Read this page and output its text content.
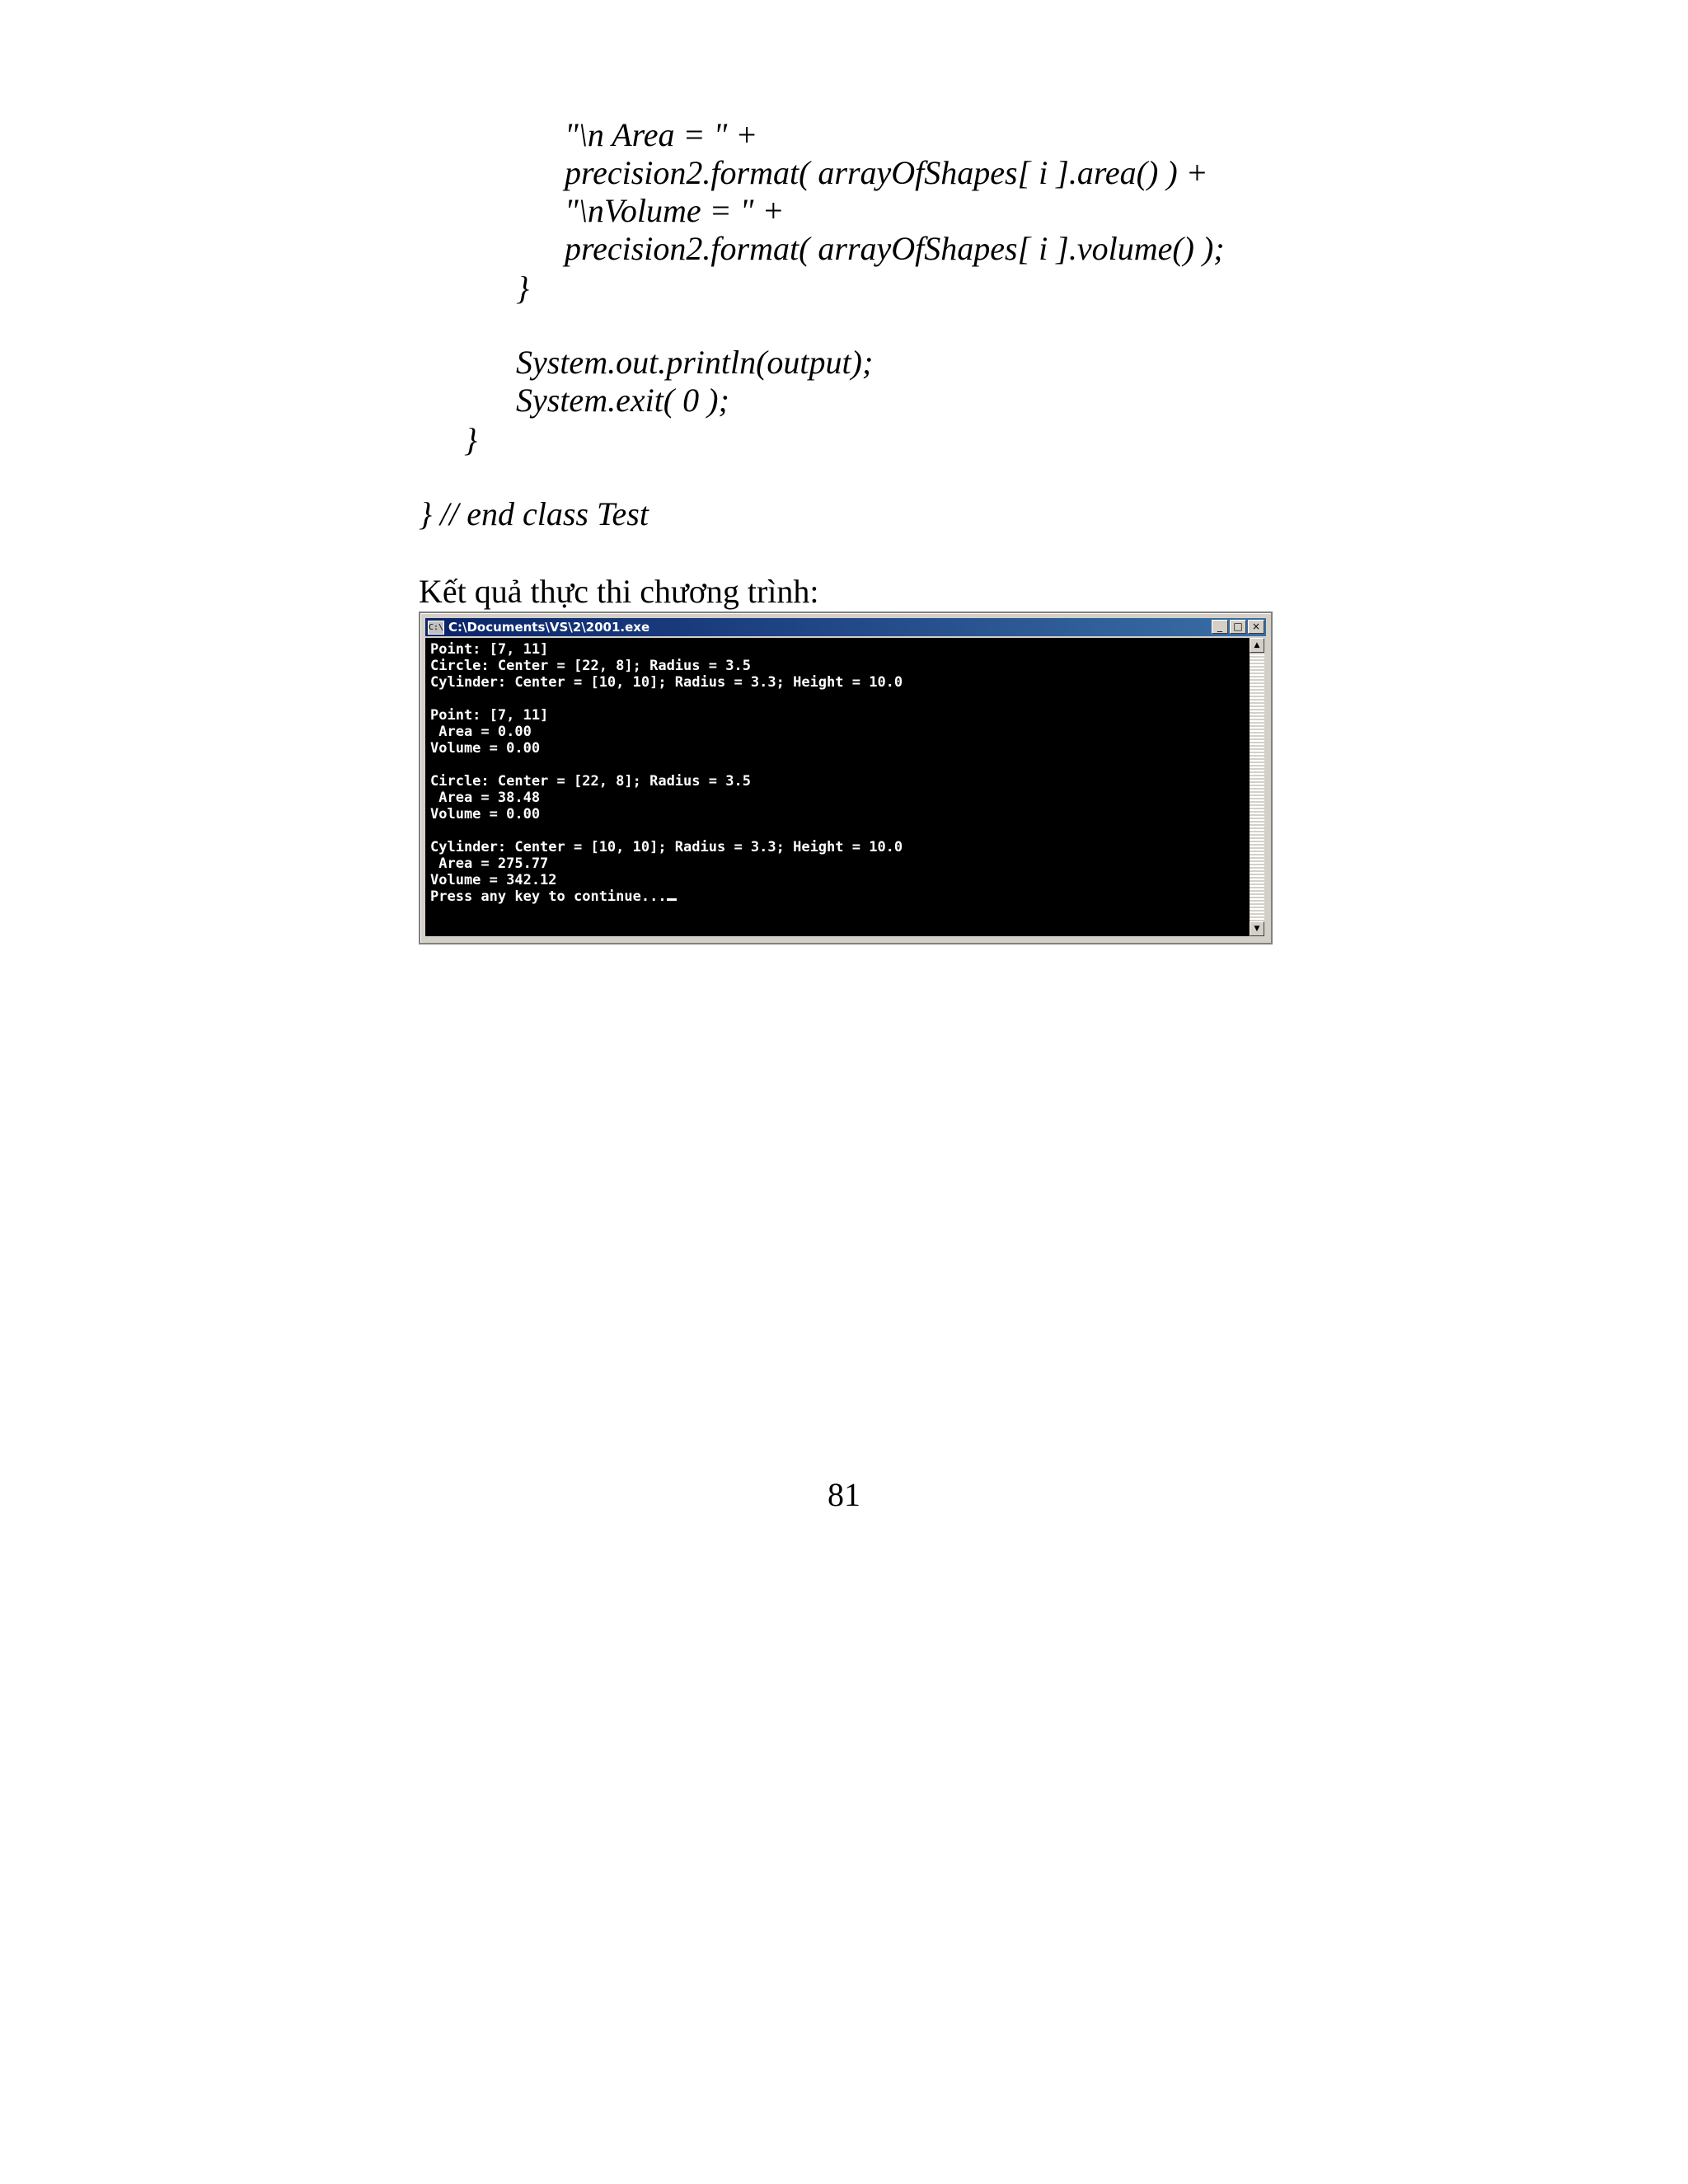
"\n Area = " +
precision2.format( arrayOfShapes[ i ].area() ) +
"\nVolume = " +
precision2.format( arrayOfShapes[ i ].volume() );
}
System.out.println(output);
System.exit( 0 );
}
} // end class Test
Kết quả thực thi chương trình:
C:\ C:\Documents\VS\2\2001.exe	_	□ ×
Point: [7, 11]
Circle: Center = [22, 8]; Radius = 3.5
Cylinder: Center = [10, 10]; Radius = 3.3; Height = 10.0
Point: [7, 11]
Area = 0.00
Volume = 0.00
Circle: Center = [22, 8]; Radius = 3.5
Area = 38.48
Volume = 0.00
Cylinder: Center = [10, 10]; Radius = 3.3; Height = 10.0
Area = 275.77
Volume = 342.12
Press any key to continue...
▲
▼
81
